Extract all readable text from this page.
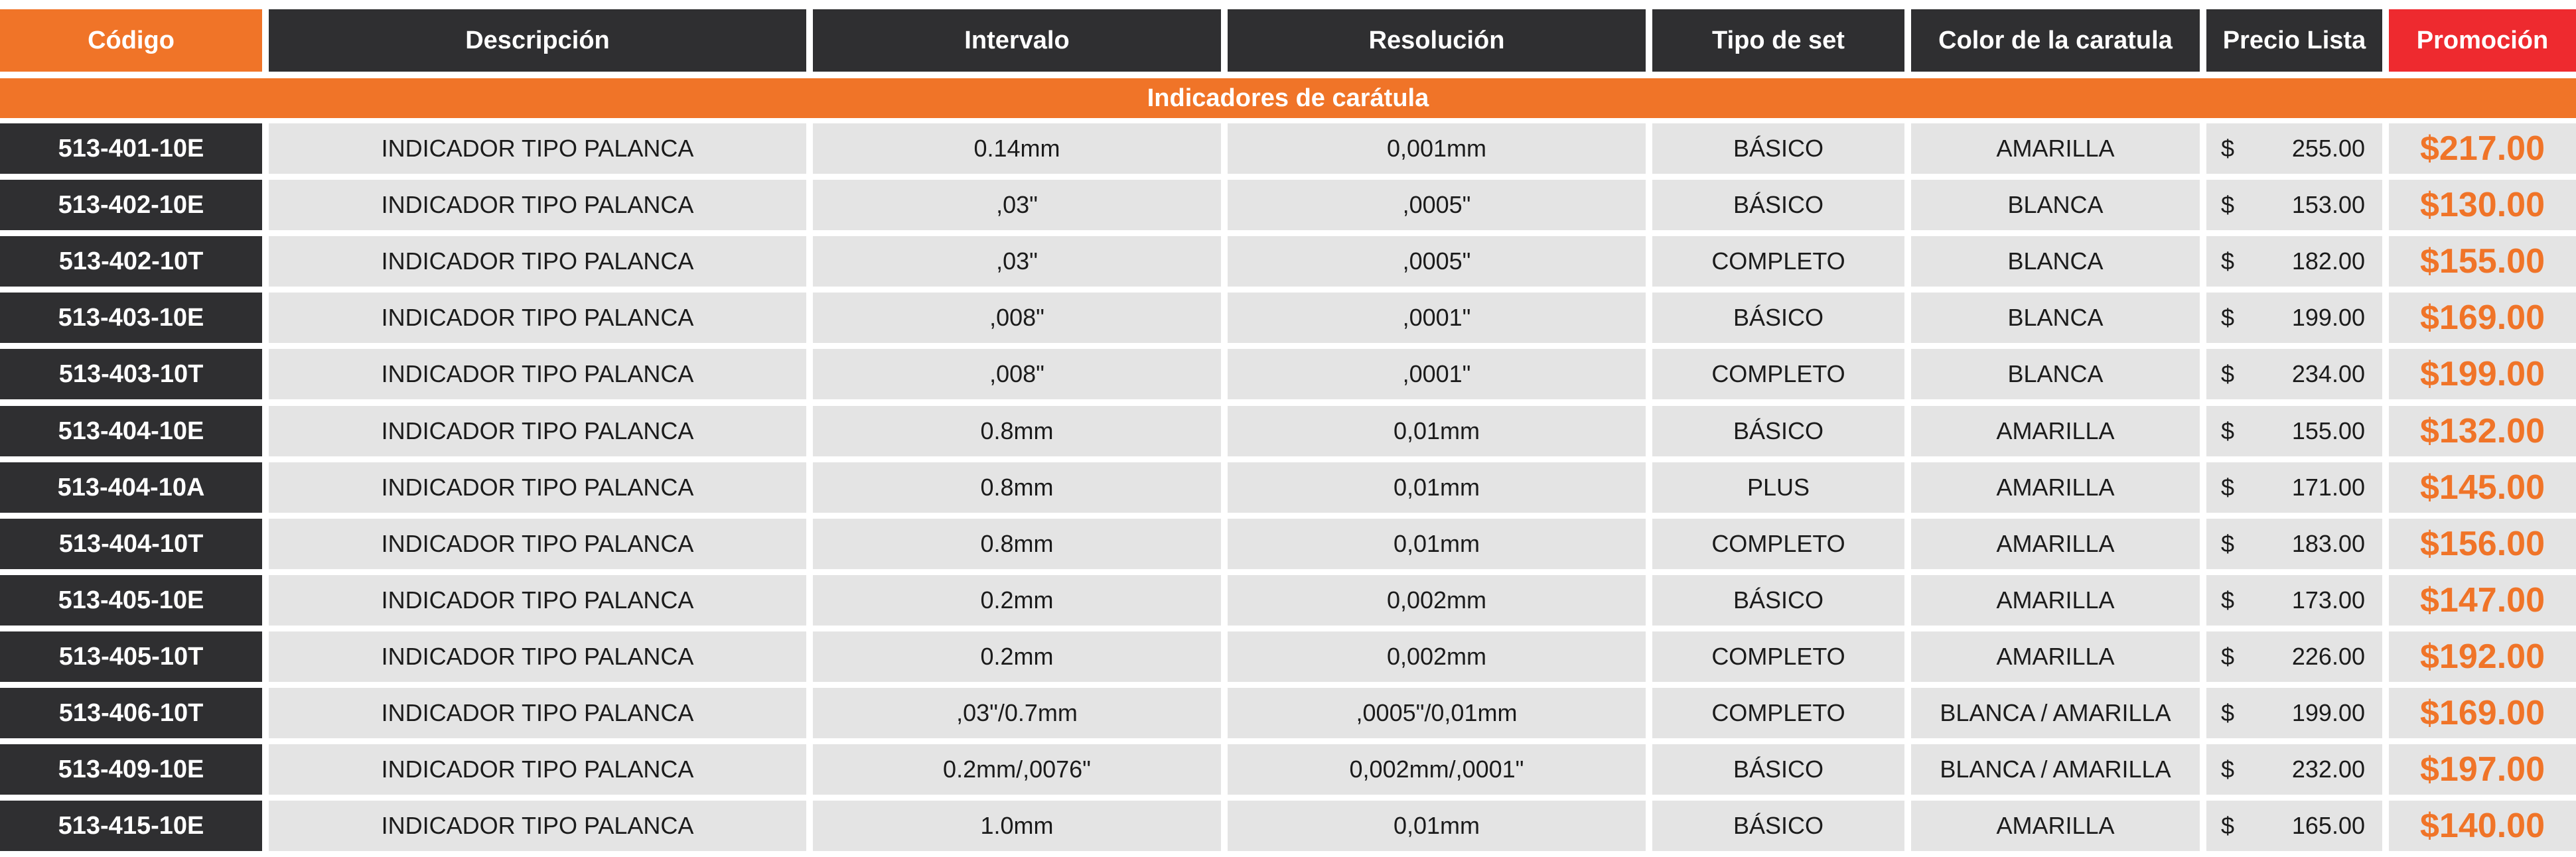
Código	Descripción	Intervalo	Resolución	Tipo de set	Color de la caratula	Precio Lista	Promoción
Indicadores de carátula
513-401-10E	INDICADOR TIPO PALANCA	0.14mm	0,001mm	BÁSICO	AMARILLA	$ 255.00	$217.00
513-402-10E	INDICADOR TIPO PALANCA	,03"	,0005"	BÁSICO	BLANCA	$ 153.00	$130.00
513-402-10T	INDICADOR TIPO PALANCA	,03"	,0005"	COMPLETO	BLANCA	$ 182.00	$155.00
513-403-10E	INDICADOR TIPO PALANCA	,008"	,0001"	BÁSICO	BLANCA	$ 199.00	$169.00
513-403-10T	INDICADOR TIPO PALANCA	,008"	,0001"	COMPLETO	BLANCA	$ 234.00	$199.00
513-404-10E	INDICADOR TIPO PALANCA	0.8mm	0,01mm	BÁSICO	AMARILLA	$ 155.00	$132.00
513-404-10A	INDICADOR TIPO PALANCA	0.8mm	0,01mm	PLUS	AMARILLA	$ 171.00	$145.00
513-404-10T	INDICADOR TIPO PALANCA	0.8mm	0,01mm	COMPLETO	AMARILLA	$ 183.00	$156.00
513-405-10E	INDICADOR TIPO PALANCA	0.2mm	0,002mm	BÁSICO	AMARILLA	$ 173.00	$147.00
513-405-10T	INDICADOR TIPO PALANCA	0.2mm	0,002mm	COMPLETO	AMARILLA	$ 226.00	$192.00
513-406-10T	INDICADOR TIPO PALANCA	,03"/0.7mm	,0005"/0,01mm	COMPLETO	BLANCA / AMARILLA	$ 199.00	$169.00
513-409-10E	INDICADOR TIPO PALANCA	0.2mm/,0076"	0,002mm/,0001"	BÁSICO	BLANCA / AMARILLA	$ 232.00	$197.00
513-415-10E	INDICADOR TIPO PALANCA	1.0mm	0,01mm	BÁSICO	AMARILLA	$ 165.00	$140.00
